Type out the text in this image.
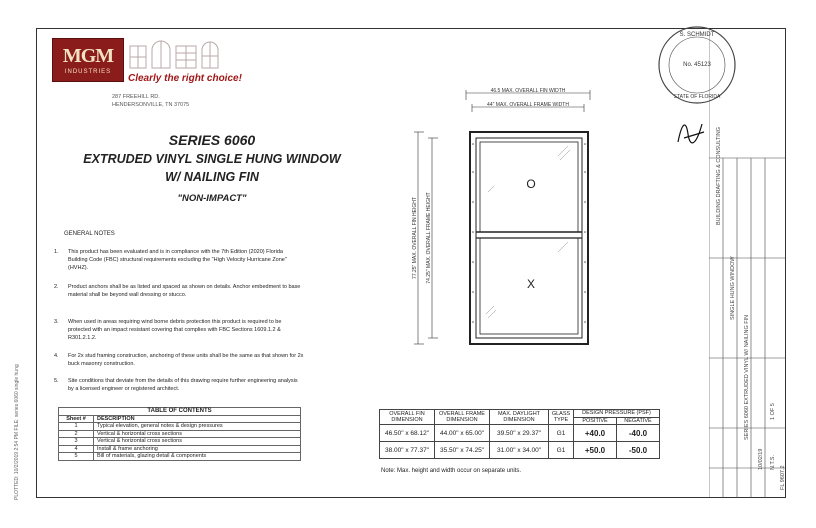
MGM
INDUSTRIES
Clearly the right choice!
287 FREEHILL RD.
HENDERSONVILLE, TN 37075
SERIES 6060
EXTRUDED VINYL SINGLE HUNG WINDOW
W/ NAILING FIN
"NON-IMPACT"
GENERAL NOTES
1.	This product has been evaluated and is in compliance with the 7th Edition (2020) Florida Building Code (FBC) structural requirements excluding the "High Velocity Hurricane Zone" (HVHZ).
2.	Product anchors shall be as listed and spaced as shown on details. Anchor embedment to base material shall be beyond wall dressing or stucco.
3.	When used in areas requiring wind borne debris protection this product is required to be protected with an impact resistant covering that complies with FBC Sections 1609.1.2 & R301.2.1.2.
4.	For 2x stud framing construction, anchoring of these units shall be the same as that shown for 2x buck masonry construction.
5.	Site conditions that deviate from the details of this drawing require further engineering analysis by a licensed engineer or registered architect.
TABLE OF CONTENTS	
Sheet #	DESCRIPTION
1	Typical elevation, general notes & design pressures
2	Vertical & horizontal cross sections
3	Vertical & horizontal cross sections
4	Install & frame anchoring
5	Bill of materials, glazing detail & components
46.5 MAX. OVERALL FIN WIDTH
44" MAX. OVERALL FRAME WIDTH
77.25" MAX. OVERALL FIN HEIGHT 74.25" MAX. OVERALL FRAME HEIGHT
O
X
OVERALL FIN DIMENSION	OVERALL FRAME DIMENSION	MAX. DAYLIGHT DIMENSION	GLASS TYPE	DESIGN PRESSURE (PSF)	
				POSITIVE	NEGATIVE
46.50" x 68.12"	44.00" x 65.00"	39.50" x 29.37"	G1	+40.0	-40.0
38.00" x 77.37"	35.50" x 74.25"	31.00" x 34.00"	G1	+50.0	-50.0
Note: Max. height and width occur on separate units.
S. SCHMIDT
No. 45123
STATE OF FLORIDA
BUILDING DRAFTING & CONSULTING
SINGLE HUNG WINDOW
SERIES 6060 EXTRUDED VINYL W/ NAILING FIN
10/02/19 N.T.S.
1 OF 5
FL 9607.2
PLOTTED: 10/2/2019 2:54 PM FILE: series 6060 single hung
